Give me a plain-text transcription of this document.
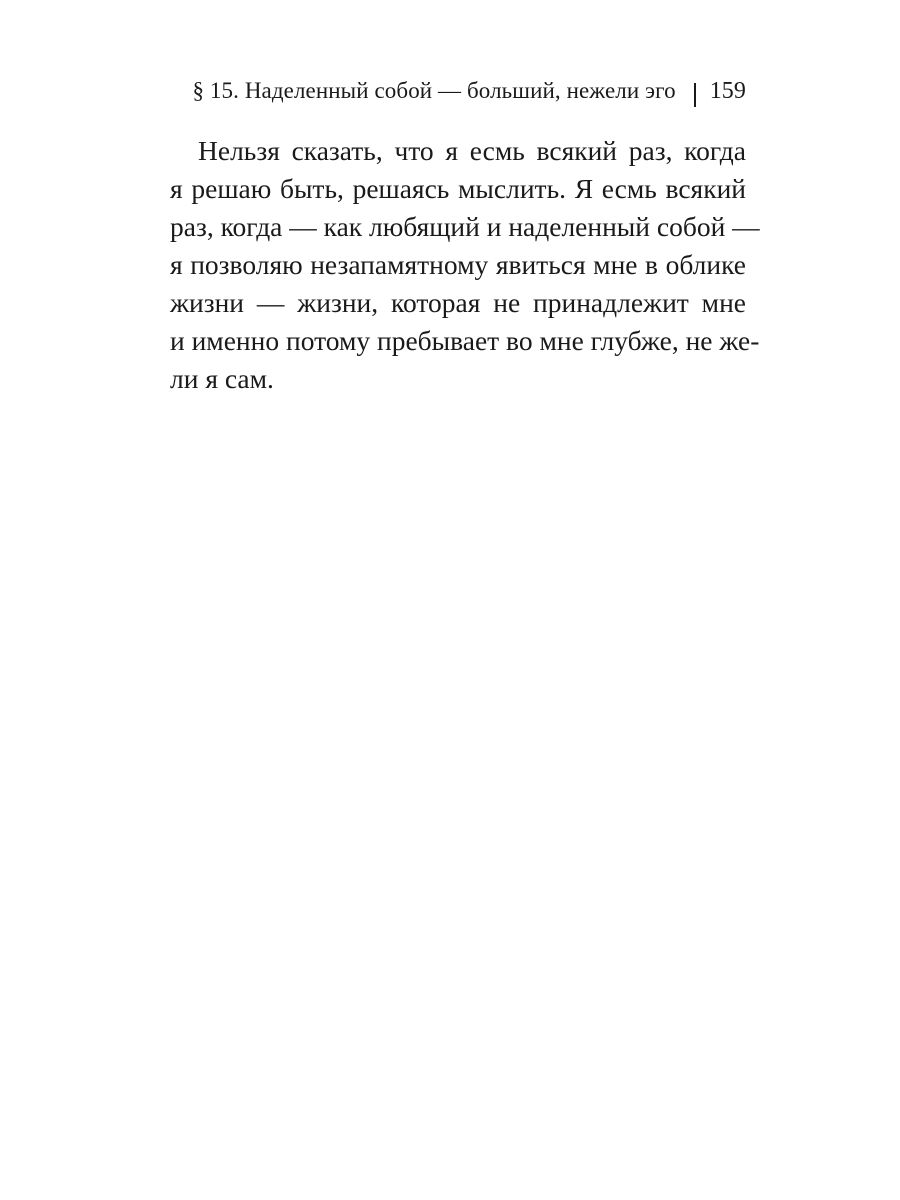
§ 15. Наделенный собой — больший, нежели эго	159
Нельзя сказать, что я есмь всякий раз, когда
я решаю быть, решаясь мыслить. Я есмь всякий
раз, когда — как любящий и наделенный собой —
я позволяю незапамятному явиться мне в облике
жизни — жизни, которая не принадлежит мне
и именно потому пребывает во мне глубже, не же-
ли я сам.
